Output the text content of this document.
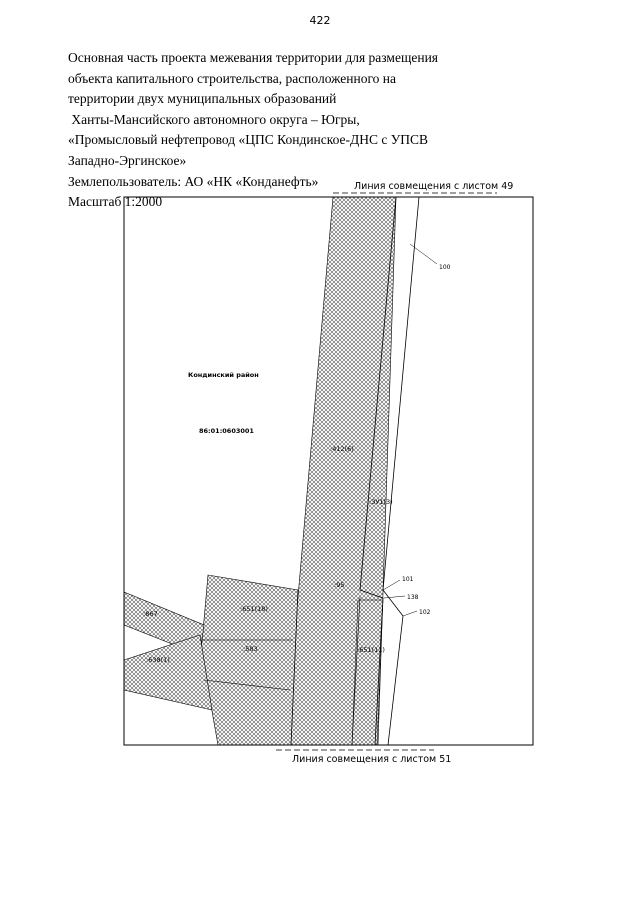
422
Основная часть проекта межевания территории для размещения
объекта капитального строительства, расположенного на
территории двух муниципальных образований
Ханты-Мансийского автономного округа – Югры,
«Промысловый нефтепровод «ЦПС Кондинское-ДНС с УПСВ
Западно-Эргинское»
Землепользователь: АО «НК «Конданефть»
Масштаб 1:2000
Линия совмещения с листом 49
Линия совмещения с листом 51
Кондинский район
86:01:0603001
:412(6)
:ЗУ1(3)
:95
:651(18)
:867
:583
:638(1)
:651(11)
100
101
138
102
